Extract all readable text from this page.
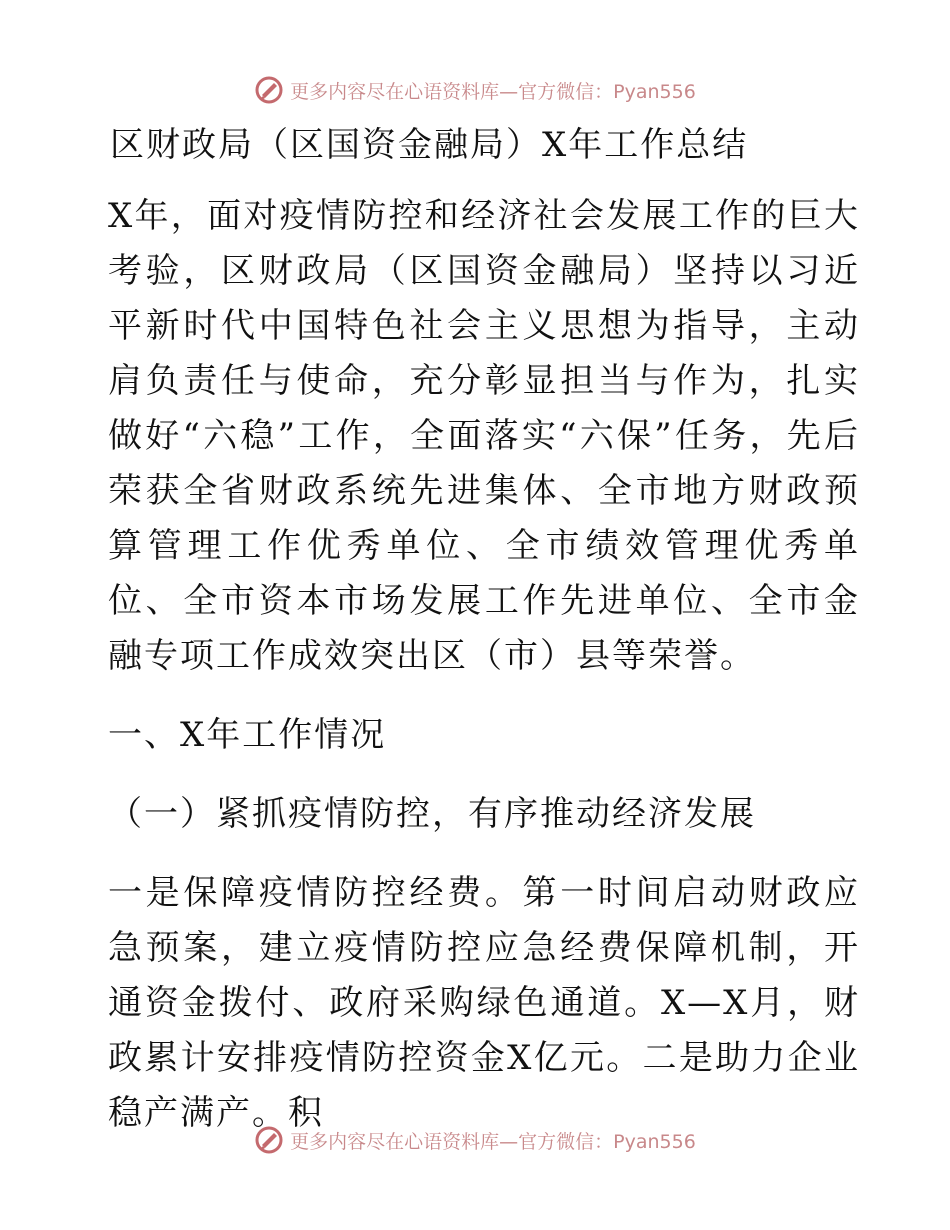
更多内容尽在心语资料库—官方微信：Pyan556

区财政局（区国资金融局）X年工作总结

X年，面对疫情防控和经济社会发展工作的巨大考验，区财政局（区国资金融局）坚持以习近平新时代中国特色社会主义思想为指导，主动肩负责任与使命，充分彰显担当与作为，扎实做好“六稳”工作，全面落实“六保”任务，先后荣获全省财政系统先进集体、全市地方财政预算管理工作优秀单位、全市绩效管理优秀单位、全市资本市场发展工作先进单位、全市金融专项工作成效突出区（市）县等荣誉。

一、X年工作情况

（一）紧抓疫情防控，有序推动经济发展

一是保障疫情防控经费。第一时间启动财政应急预案，建立疫情防控应急经费保障机制，开通资金拨付、政府采购绿色通道。X—X月，财政累计安排疫情防控资金X亿元。二是助力企业稳产满产。积

更多内容尽在心语资料库—官方微信：Pyan556
